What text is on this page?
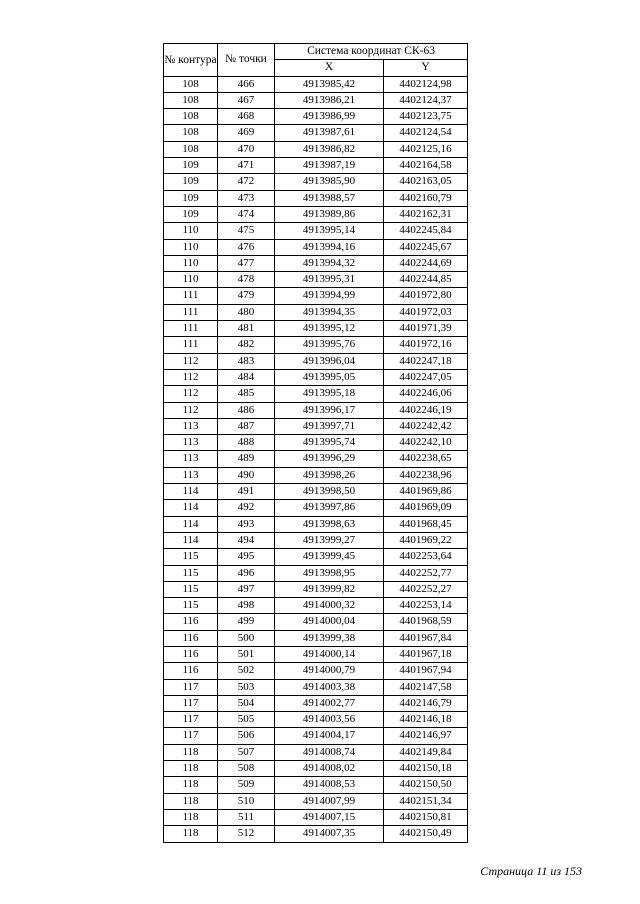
№ контура	№ точки	Система координат СК-63	
		X	Y
108	466	4913985,42	4402124,98
108	467	4913986,21	4402124,37
108	468	4913986,99	4402123,75
108	469	4913987,61	4402124,54
108	470	4913986,82	4402125,16
109	471	4913987,19	4402164,58
109	472	4913985,90	4402163,05
109	473	4913988,57	4402160,79
109	474	4913989,86	4402162,31
110	475	4913995,14	4402245,84
110	476	4913994,16	4402245,67
110	477	4913994,32	4402244,69
110	478	4913995,31	4402244,85
111	479	4913994,99	4401972,80
111	480	4913994,35	4401972,03
111	481	4913995,12	4401971,39
111	482	4913995,76	4401972,16
112	483	4913996,04	4402247,18
112	484	4913995,05	4402247,05
112	485	4913995,18	4402246,06
112	486	4913996,17	4402246,19
113	487	4913997,71	4402242,42
113	488	4913995,74	4402242,10
113	489	4913996,29	4402238,65
113	490	4913998,26	4402238,96
114	491	4913998,50	4401969,86
114	492	4913997,86	4401969,09
114	493	4913998,63	4401968,45
114	494	4913999,27	4401969,22
115	495	4913999,45	4402253,64
115	496	4913998,95	4402252,77
115	497	4913999,82	4402252,27
115	498	4914000,32	4402253,14
116	499	4914000,04	4401968,59
116	500	4913999,38	4401967,84
116	501	4914000,14	4401967,18
116	502	4914000,79	4401967,94
117	503	4914003,38	4402147,58
117	504	4914002,77	4402146,79
117	505	4914003,56	4402146,18
117	506	4914004,17	4402146,97
118	507	4914008,74	4402149,84
118	508	4914008,02	4402150,18
118	509	4914008,53	4402150,50
118	510	4914007,99	4402151,34
118	511	4914007,15	4402150,81
118	512	4914007,35	4402150,49
Страница 11 из 153
